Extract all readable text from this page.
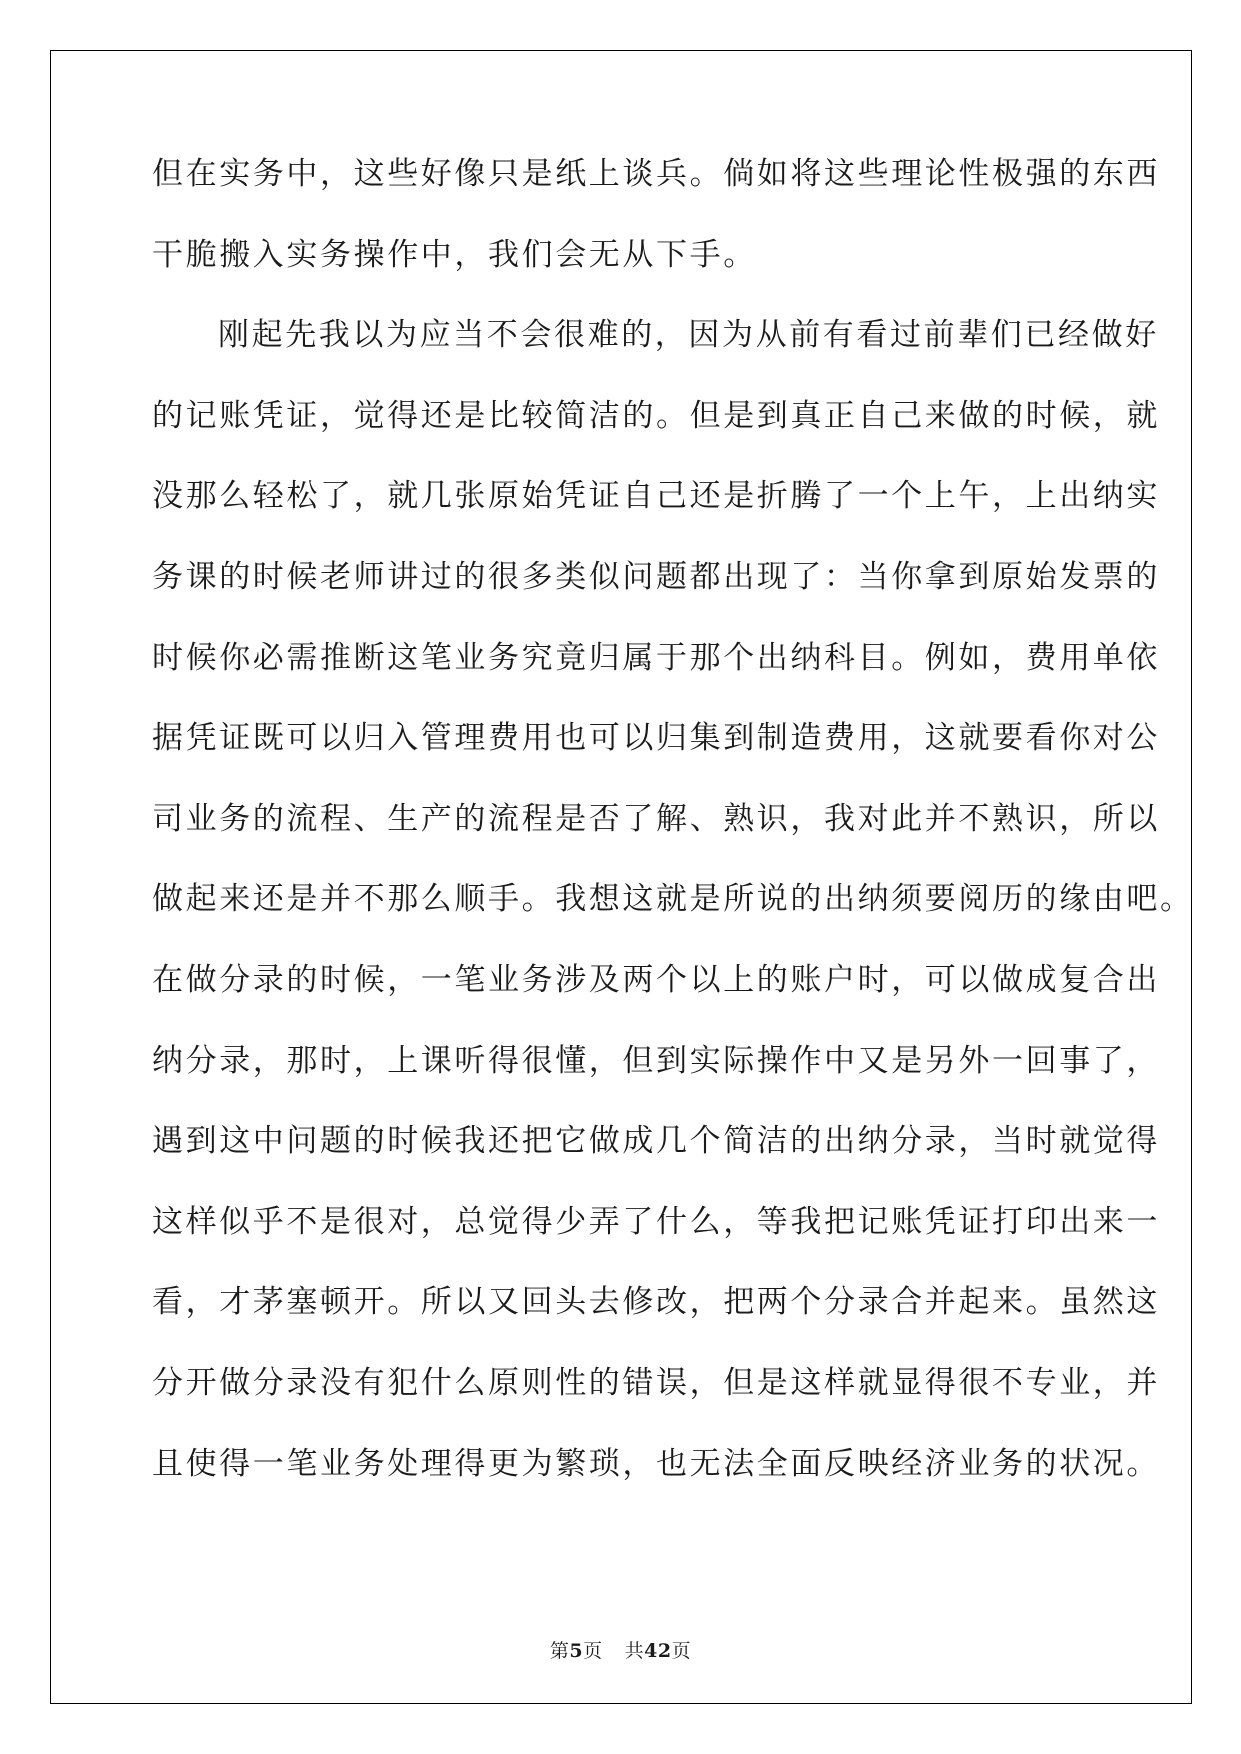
但在实务中，这些好像只是纸上谈兵。倘如将这些理论性极强的东西
干脆搬入实务操作中，我们会无从下手。
刚起先我以为应当不会很难的，因为从前有看过前辈们已经做好
的记账凭证，觉得还是比较简洁的。但是到真正自己来做的时候，就
没那么轻松了，就几张原始凭证自己还是折腾了一个上午，上出纳实
务课的时候老师讲过的很多类似问题都出现了：当你拿到原始发票的
时候你必需推断这笔业务究竟归属于那个出纳科目。例如，费用单依
据凭证既可以归入管理费用也可以归集到制造费用，这就要看你对公
司业务的流程、生产的流程是否了解、熟识，我对此并不熟识，所以
做起来还是并不那么顺手。我想这就是所说的出纳须要阅历的缘由吧。
在做分录的时候，一笔业务涉及两个以上的账户时，可以做成复合出
纳分录，那时，上课听得很懂，但到实际操作中又是另外一回事了，
遇到这中问题的时候我还把它做成几个简洁的出纳分录，当时就觉得
这样似乎不是很对，总觉得少弄了什么，等我把记账凭证打印出来一
看，才茅塞顿开。所以又回头去修改，把两个分录合并起来。虽然这
分开做分录没有犯什么原则性的错误，但是这样就显得很不专业，并
且使得一笔业务处理得更为繁琐，也无法全面反映经济业务的状况。
第5页 共42页
